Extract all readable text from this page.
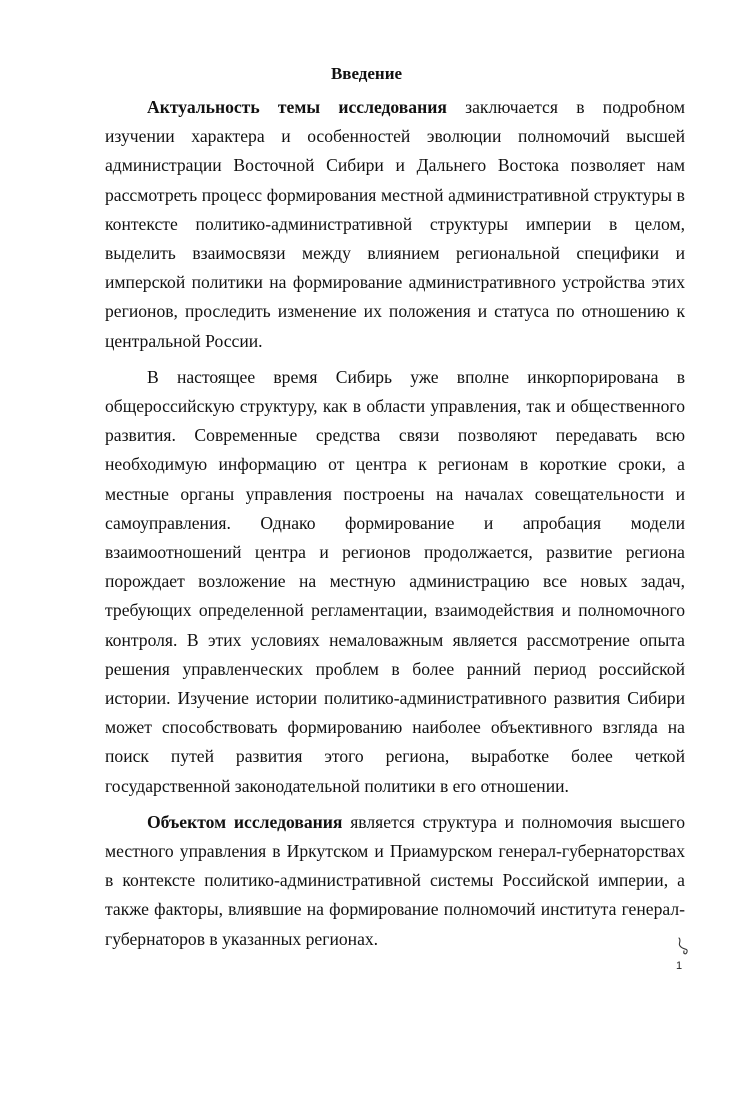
Введение

Актуальность темы исследования заключается в подробном изучении характера и особенностей эволюции полномочий высшей администрации Восточной Сибири и Дальнего Востока позволяет нам рассмотреть процесс формирования местной административной структуры в контексте политико-административной структуры империи в целом, выделить взаимосвязи между влиянием региональной специфики и имперской политики на формирование административного устройства этих регионов, проследить изменение их положения и статуса по отношению к центральной России.

В настоящее время Сибирь уже вполне инкорпорирована в общероссийскую структуру, как в области управления, так и общественного развития. Современные средства связи позволяют передавать всю необходимую информацию от центра к регионам в короткие сроки, а местные органы управления построены на началах совещательности и самоуправления. Однако формирование и апробация модели взаимоотношений центра и регионов продолжается, развитие региона порождает возложение на местную администрацию все новых задач, требующих определенной регламентации, взаимодействия и полномочного контроля. В этих условиях немаловажным является рассмотрение опыта решения управленческих проблем в более ранний период российской истории. Изучение истории политико-административного развития Сибири может способствовать формированию наиболее объективного взгляда на поиск путей развития этого региона, выработке более четкой государственной законодательной политики в его отношении.

Объектом исследования является структура и полномочия высшего местного управления в Иркутском и Приамурском генерал-губернаторствах в контексте политико-административной системы Российской империи, а также факторы, влиявшие на формирование полномочий института генерал-губернаторов в указанных регионах.

1
